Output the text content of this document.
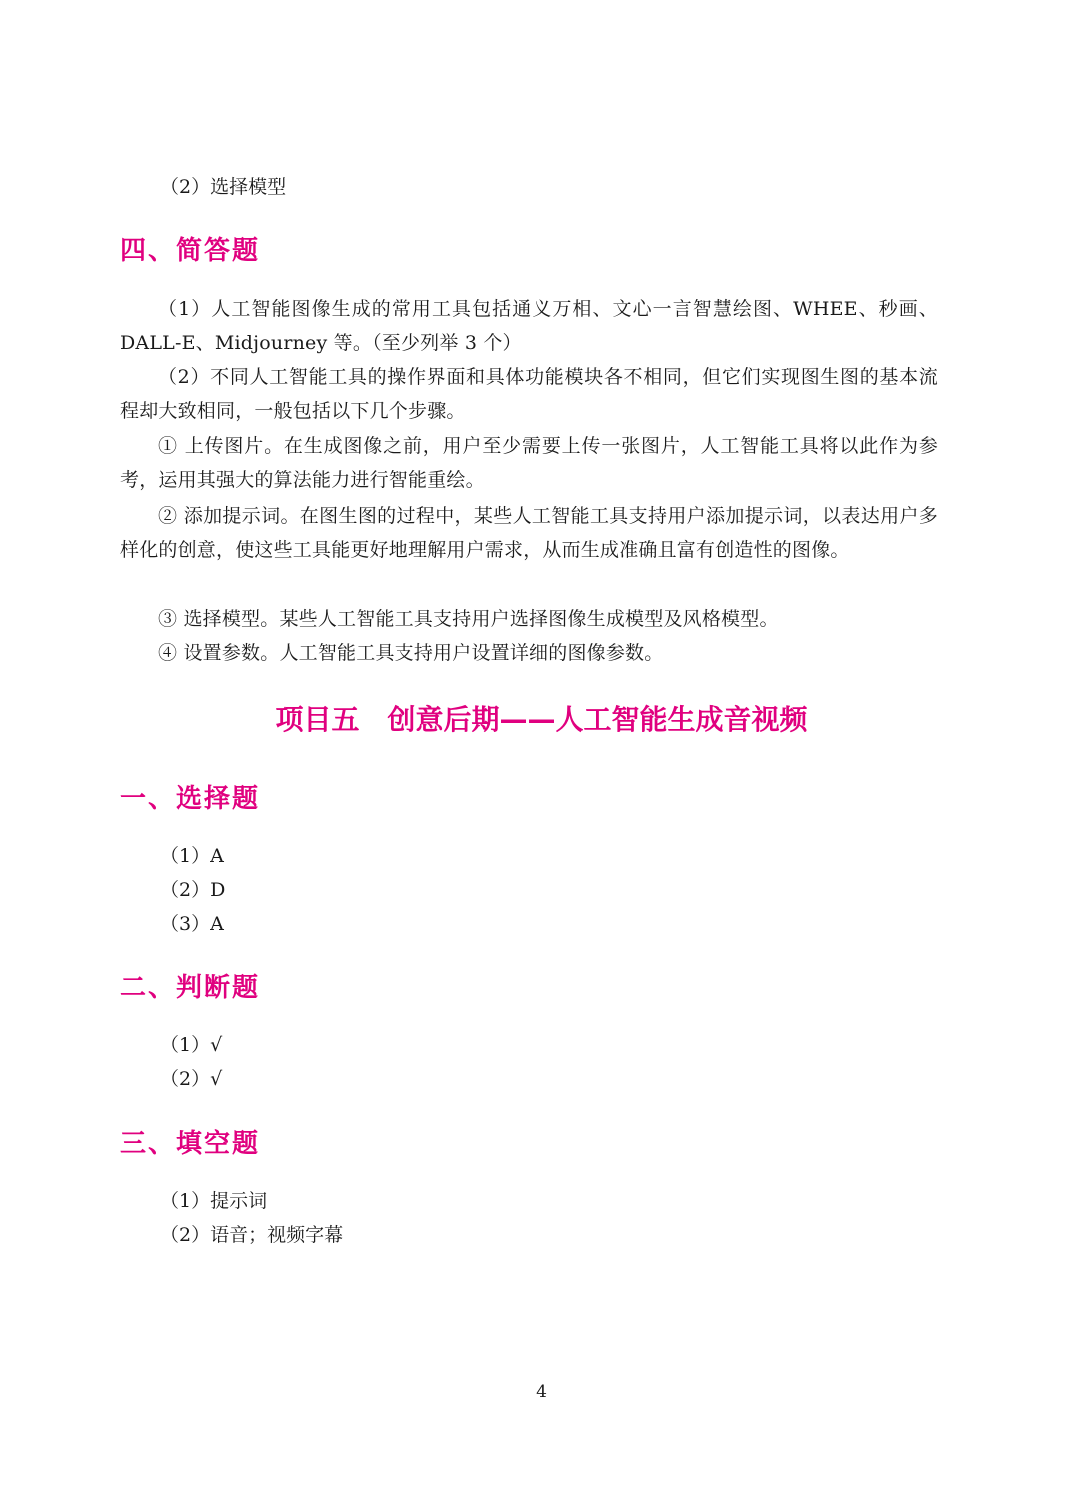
（2）选择模型

四、简答题

（1）人工智能图像生成的常用工具包括通义万相、文心一言智慧绘图、WHEE、秒画、DALL-E、Midjourney 等。（至少列举 3 个）

（2）不同人工智能工具的操作界面和具体功能模块各不相同，但它们实现图生图的基本流程却大致相同，一般包括以下几个步骤。

① 上传图片。在生成图像之前，用户至少需要上传一张图片，人工智能工具将以此作为参考，运用其强大的算法能力进行智能重绘。

② 添加提示词。在图生图的过程中，某些人工智能工具支持用户添加提示词，以表达用户多样化的创意，使这些工具能更好地理解用户需求，从而生成准确且富有创造性的图像。

③ 选择模型。某些人工智能工具支持用户选择图像生成模型及风格模型。

④ 设置参数。人工智能工具支持用户设置详细的图像参数。

项目五　创意后期——人工智能生成音视频
一、选择题

（1）A

（2）D

（3）A

二、判断题

（1）√

（2）√

三、填空题

（1）提示词

（2）语音；视频字幕

4
